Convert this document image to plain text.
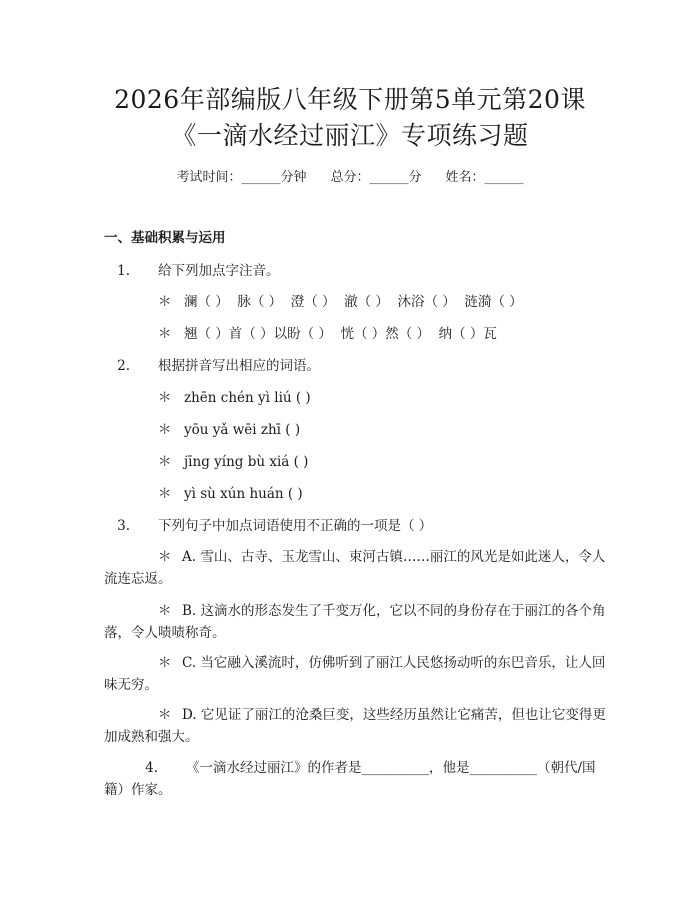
2026年部编版八年级下册第5单元第20课
《一滴水经过丽江》专项练习题
考试时间：______分钟 总分：______分 姓名：______
一、基础积累与运用
1. 给下列加点字注音。
＊ 澜（ ）  脉（ ）  澄（ ）  澈（ ）  沐浴（ ）  涟漪（ ）
＊ 翘（ ）首（ ）以盼（ ）  恍（ ）然（ ）  纳（ ）瓦
2. 根据拼音写出相应的词语。
＊ zhēn chén yì liú ( )
＊ yōu yǎ wēi zhī ( )
＊ jīng yíng bù xiá ( )
＊ yì sù xún huán ( )
3. 下列句子中加点词语使用不正确的一项是（ ）
＊ A. 雪山、古寺、玉龙雪山、束河古镇……丽江的风光是如此迷人，令人流连忘返。
＊ B. 这滴水的形态发生了千变万化，它以不同的身份存在于丽江的各个角落，令人啧啧称奇。
＊ C. 当它融入溪流时，仿佛听到了丽江人民悠扬动听的东巴音乐，让人回味无穷。
＊ D. 它见证了丽江的沧桑巨变，这些经历虽然让它痛苦，但也让它变得更加成熟和强大。
4. 《一滴水经过丽江》的作者是__________，他是__________（朝代/国籍）作家。
